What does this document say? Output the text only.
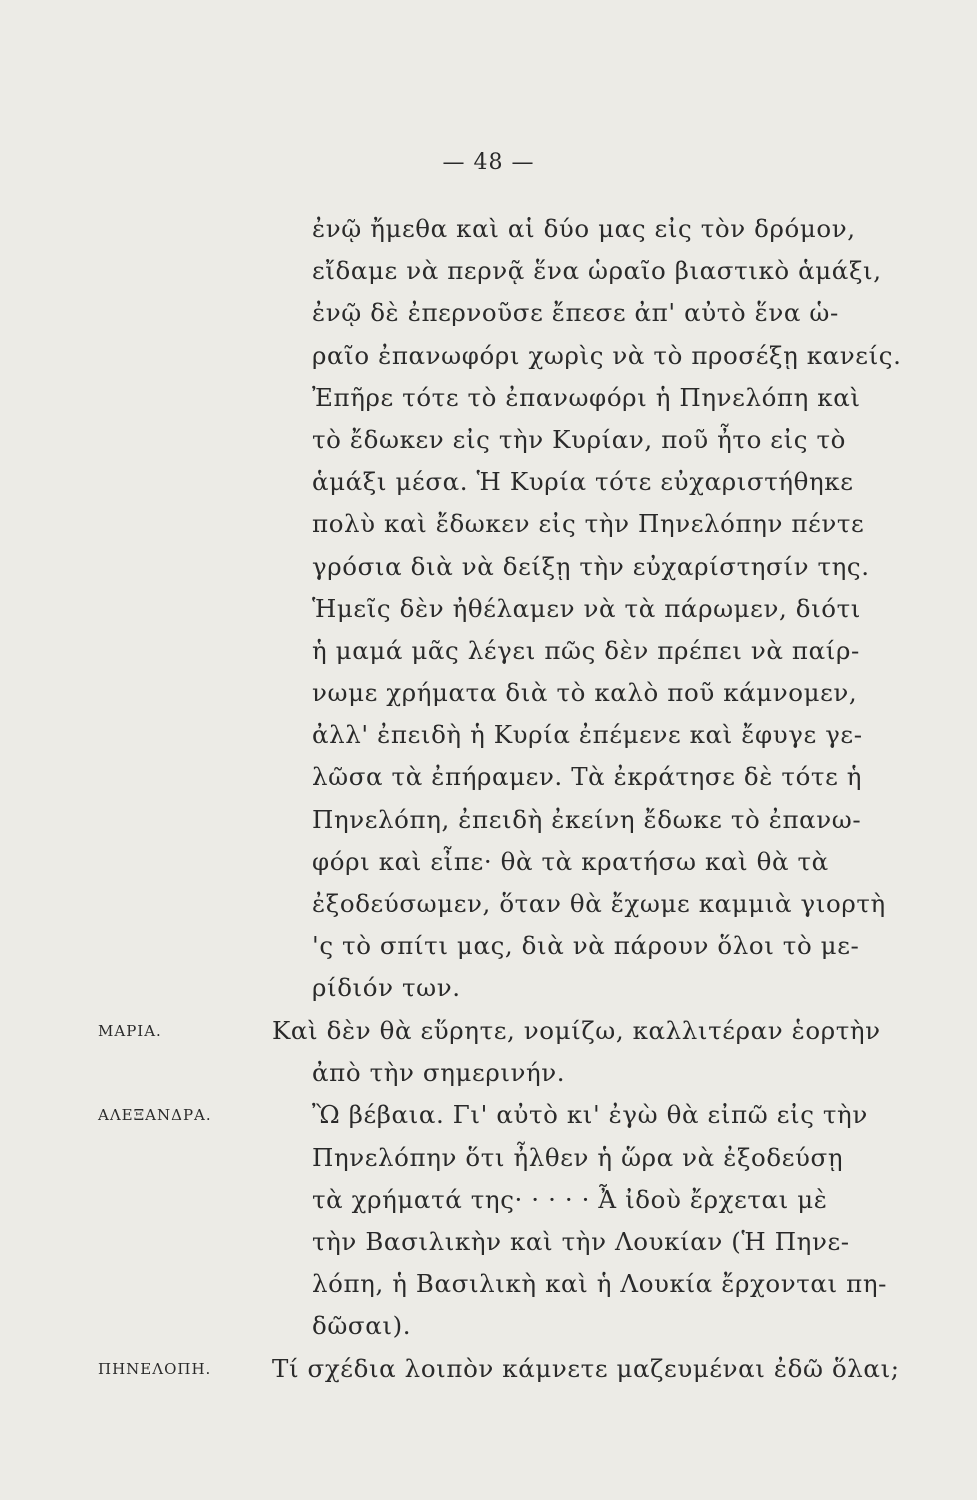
— 48 —
ἐνῷ ἤμεθα καὶ αἱ δύο μας εἰς τὸν δρόμον,
εἴδαμε νὰ περνᾷ ἕνα ὡραῖο βιαστικὸ ἁμάξι,
ἐνῷ δὲ ἐπερνοῦσε ἔπεσε ἀπ' αὐτὸ ἕνα ὡ-
ραῖο ἐπανωφόρι χωρὶς νὰ τὸ προσέξῃ κανείς.
Ἐπῆρε τότε τὸ ἐπανωφόρι ἡ Πηνελόπη καὶ
τὸ ἔδωκεν εἰς τὴν Κυρίαν, ποῦ ἦτο εἰς τὸ
ἁμάξι μέσα. Ἡ Κυρία τότε εὐχαριστήθηκε
πολὺ καὶ ἔδωκεν εἰς τὴν Πηνελόπην πέντε
γρόσια διὰ νὰ δείξῃ τὴν εὐχαρίστησίν της.
Ἡμεῖς δὲν ἠθέλαμεν νὰ τὰ πάρωμεν, διότι
ἡ μαμά μᾶς λέγει πῶς δὲν πρέπει νὰ παίρ-
νωμε χρήματα διὰ τὸ καλὸ ποῦ κάμνομεν,
ἀλλ' ἐπειδὴ ἡ Κυρία ἐπέμενε καὶ ἔφυγε γε-
λῶσα τὰ ἐπήραμεν. Τὰ ἐκράτησε δὲ τότε ἡ
Πηνελόπη, ἐπειδὴ ἐκείνη ἔδωκε τὸ ἐπανω-
φόρι καὶ εἶπε· θὰ τὰ κρατήσω καὶ θὰ τὰ
ἐξοδεύσωμεν, ὅταν θὰ ἔχωμε καμμιὰ γιορτὴ
'ς τὸ σπίτι μας, διὰ νὰ πάρουν ὅλοι τὸ με-
ρίδιόν των.
ΜΑΡΙΑ.	Καὶ δὲν θὰ εὕρητε, νομίζω, καλλιτέραν ἑορτὴν
ἀπὸ τὴν σημερινήν.
ΑΛΕΞΑΝΔΡΑ.	Ὢ βέβαια. Γι' αὐτὸ κι' ἐγὼ θὰ εἰπῶ εἰς τὴν
Πηνελόπην ὅτι ἦλθεν ἡ ὥρα νὰ ἐξοδεύσῃ
τὰ χρήματά της· · · · · Ἆ ἰδοὺ ἔρχεται μὲ
τὴν Βασιλικὴν καὶ τὴν Λουκίαν (Ἡ Πηνε-
λόπη, ἡ Βασιλικὴ καὶ ἡ Λουκία ἔρχονται πη-
δῶσαι).
ΠΗΝΕΛΟΠΗ. Τί σχέδια λοιπὸν κάμνετε μαζευμέναι ἐδῶ ὅλαι;
